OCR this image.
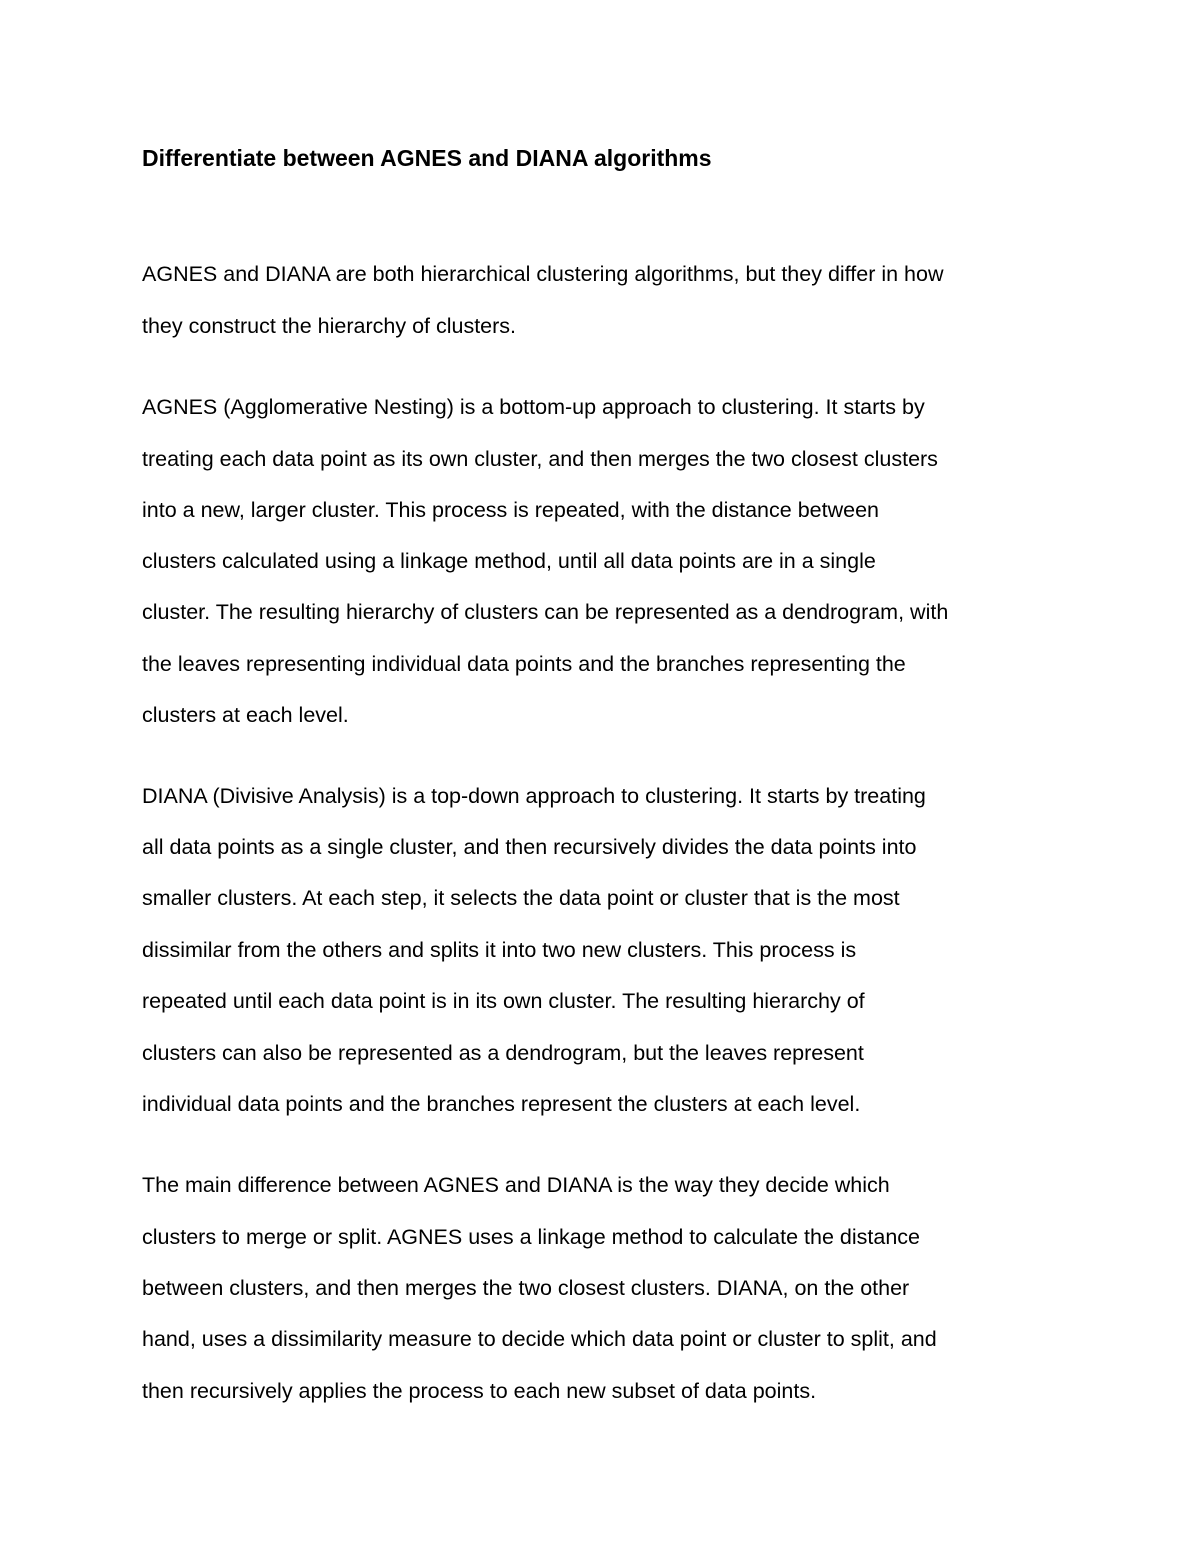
Differentiate between AGNES and DIANA algorithms

AGNES and DIANA are both hierarchical clustering algorithms, but they differ in how

they construct the hierarchy of clusters.

AGNES (Agglomerative Nesting) is a bottom-up approach to clustering. It starts by

treating each data point as its own cluster, and then merges the two closest clusters

into a new, larger cluster. This process is repeated, with the distance between

clusters calculated using a linkage method, until all data points are in a single

cluster. The resulting hierarchy of clusters can be represented as a dendrogram, with

the leaves representing individual data points and the branches representing the

clusters at each level.

DIANA (Divisive Analysis) is a top-down approach to clustering. It starts by treating

all data points as a single cluster, and then recursively divides the data points into

smaller clusters. At each step, it selects the data point or cluster that is the most

dissimilar from the others and splits it into two new clusters. This process is

repeated until each data point is in its own cluster. The resulting hierarchy of

clusters can also be represented as a dendrogram, but the leaves represent

individual data points and the branches represent the clusters at each level.

The main difference between AGNES and DIANA is the way they decide which

clusters to merge or split. AGNES uses a linkage method to calculate the distance

between clusters, and then merges the two closest clusters. DIANA, on the other

hand, uses a dissimilarity measure to decide which data point or cluster to split, and

then recursively applies the process to each new subset of data points.
